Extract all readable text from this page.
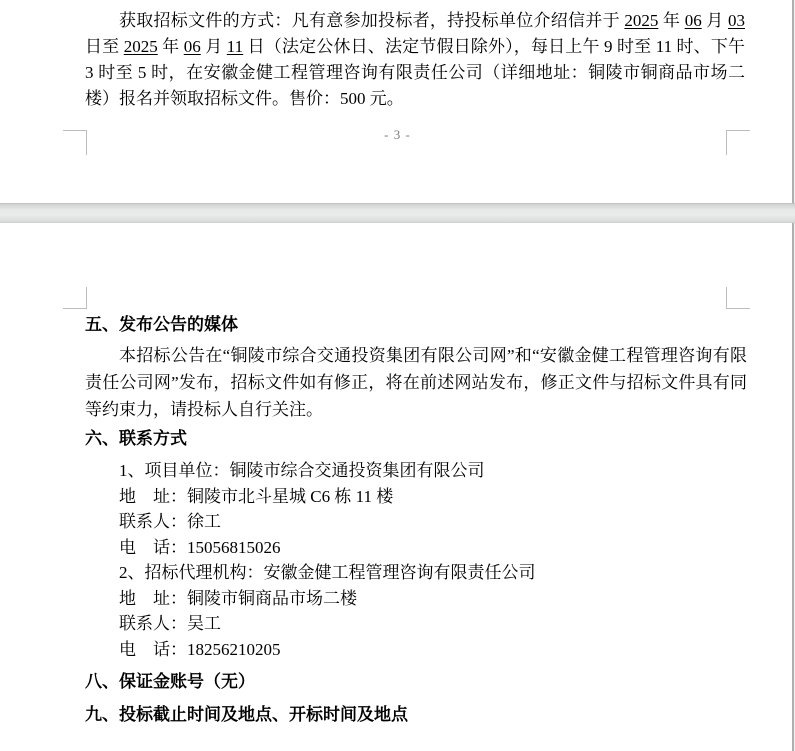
获取招标文件的方式：凡有意参加投标者，持投标单位介绍信并于 2025 年 06 月 03 日至 2025 年 06 月 11 日（法定公休日、法定节假日除外），每日上午 9 时至 11 时、下午 3 时至 5 时，在安徽金健工程管理咨询有限责任公司（详细地址：铜陵市铜商品市场二楼）报名并领取招标文件。售价：500 元。
- 3 -
五、发布公告的媒体
本招标公告在“铜陵市综合交通投资集团有限公司网”和“安徽金健工程管理咨询有限责任公司网”发布，招标文件如有修正，将在前述网站发布，修正文件与招标文件具有同等约束力，请投标人自行关注。
六、联系方式
1、项目单位：铜陵市综合交通投资集团有限公司
地　址：铜陵市北斗星城 C6 栋 11 楼
联系人：徐工
电　话：15056815026
2、招标代理机构：安徽金健工程管理咨询有限责任公司
地　址：铜陵市铜商品市场二楼
联系人：吴工
电　话：18256210205
八、保证金账号（无）
九、投标截止时间及地点、开标时间及地点
